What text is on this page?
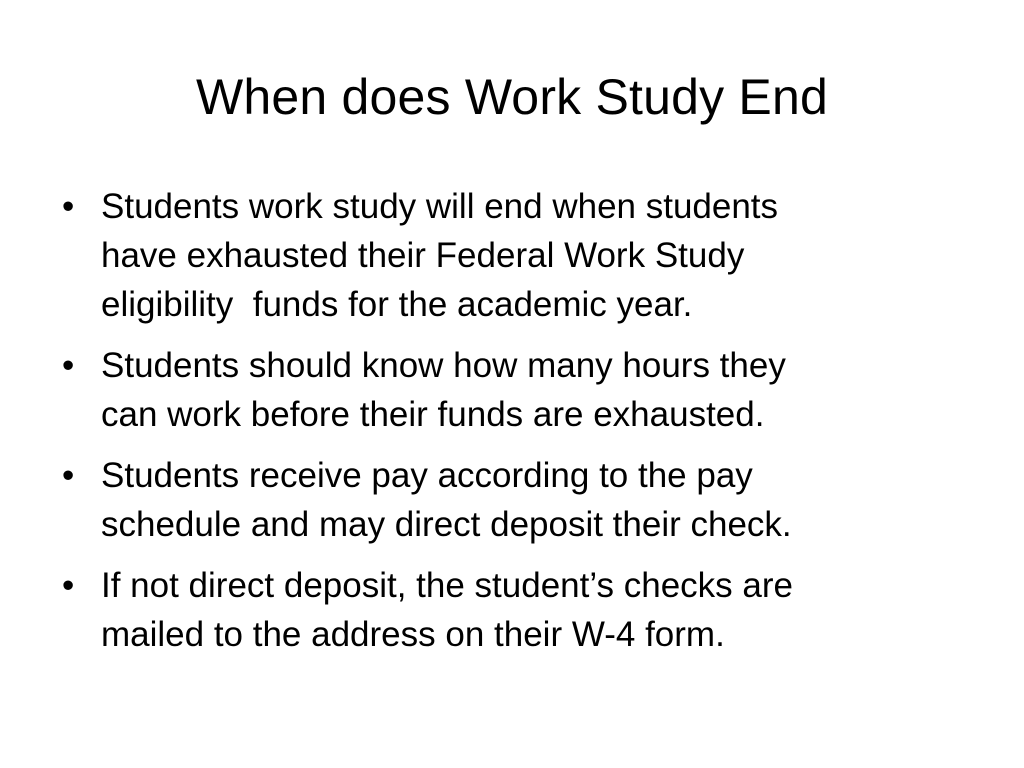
When does Work Study End
• Students work study will end when students
have exhausted their Federal Work Study
eligibility  funds for the academic year.
• Students should know how many hours they
can work before their funds are exhausted.
• Students receive pay according to the pay
schedule and may direct deposit their check.
• If not direct deposit, the student’s checks are
mailed to the address on their W-4 form.
